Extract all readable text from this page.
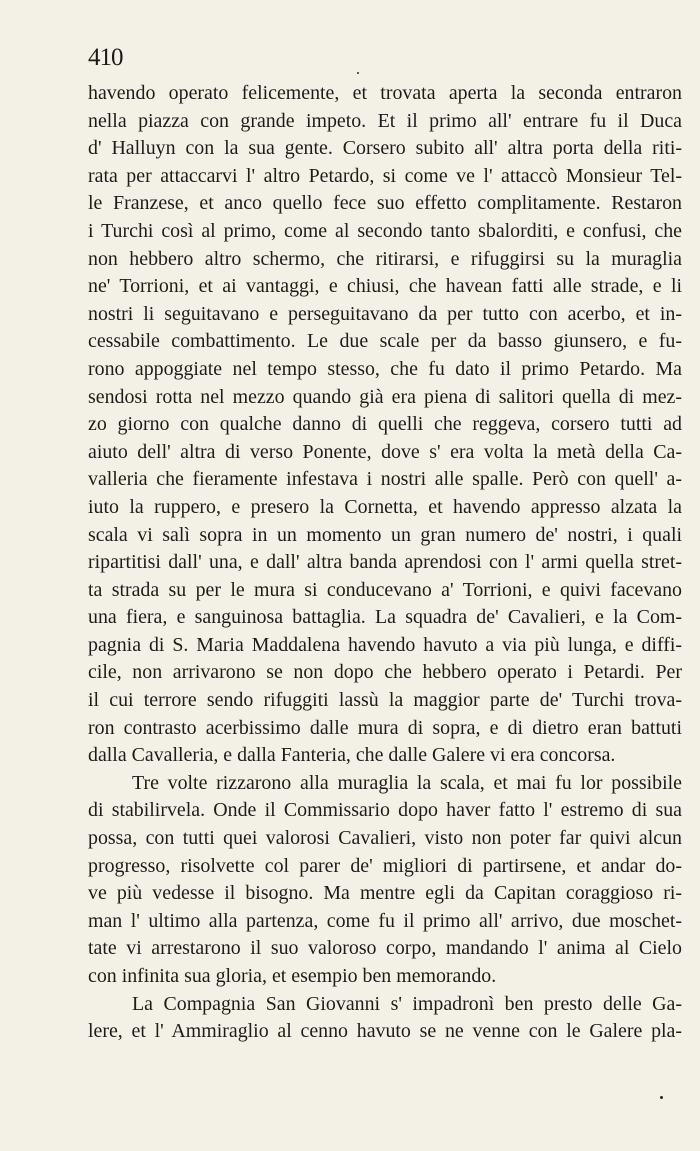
410
havendo operato felicemente, et trovata aperta la seconda entraron
nella piazza con grande impeto. Et il primo all' entrare fu il Duca
d' Halluyn con la sua gente. Corsero subito all' altra porta della riti-
rata per attaccarvi l' altro Petardo, si come ve l' attaccò Monsieur Tel-
le Franzese, et anco quello fece suo effetto complitamente. Restaron
i Turchi così al primo, come al secondo tanto sbalorditi, e confusi, che
non hebbero altro schermo, che ritirarsi, e rifuggirsi su la muraglia
ne' Torrioni, et ai vantaggi, e chiusi, che havean fatti alle strade, e li
nostri li seguitavano e perseguitavano da per tutto con acerbo, et in-
cessabile combattimento. Le due scale per da basso giunsero, e fu-
rono appoggiate nel tempo stesso, che fu dato il primo Petardo. Ma
sendosi rotta nel mezzo quando già era piena di salitori quella di mez-
zo giorno con qualche danno di quelli che reggeva, corsero tutti ad
aiuto dell' altra di verso Ponente, dove s' era volta la metà della Ca-
valleria che fieramente infestava i nostri alle spalle. Però con quell' a-
iuto la ruppero, e presero la Cornetta, et havendo appresso alzata la
scala vi salì sopra in un momento un gran numero de' nostri, i quali
ripartitisi dall' una, e dall' altra banda aprendosi con l' armi quella stret-
ta strada su per le mura si conducevano a' Torrioni, e quivi facevano
una fiera, e sanguinosa battaglia. La squadra de' Cavalieri, e la Com-
pagnia di S. Maria Maddalena havendo havuto a via più lunga, e diffi-
cile, non arrivarono se non dopo che hebbero operato i Petardi. Per
il cui terrore sendo rifuggiti lassù la maggior parte de' Turchi trova-
ron contrasto acerbissimo dalle mura di sopra, e di dietro eran battuti
dalla Cavalleria, e dalla Fanteria, che dalle Galere vi era concorsa.
Tre volte rizzarono alla muraglia la scala, et mai fu lor possibile
di stabilirvela. Onde il Commissario dopo haver fatto l' estremo di sua
possa, con tutti quei valorosi Cavalieri, visto non poter far quivi alcun
progresso, risolvette col parer de' migliori di partirsene, et andar do-
ve più vedesse il bisogno. Ma mentre egli da Capitan coraggioso ri-
man l' ultimo alla partenza, come fu il primo all' arrivo, due moschet-
tate vi arrestarono il suo valoroso corpo, mandando l' anima al Cielo
con infinita sua gloria, et esempio ben memorando.
La Compagnia San Giovanni s' impadronì ben presto delle Ga-
lere, et l' Ammiraglio al cenno havuto se ne venne con le Galere pla-
